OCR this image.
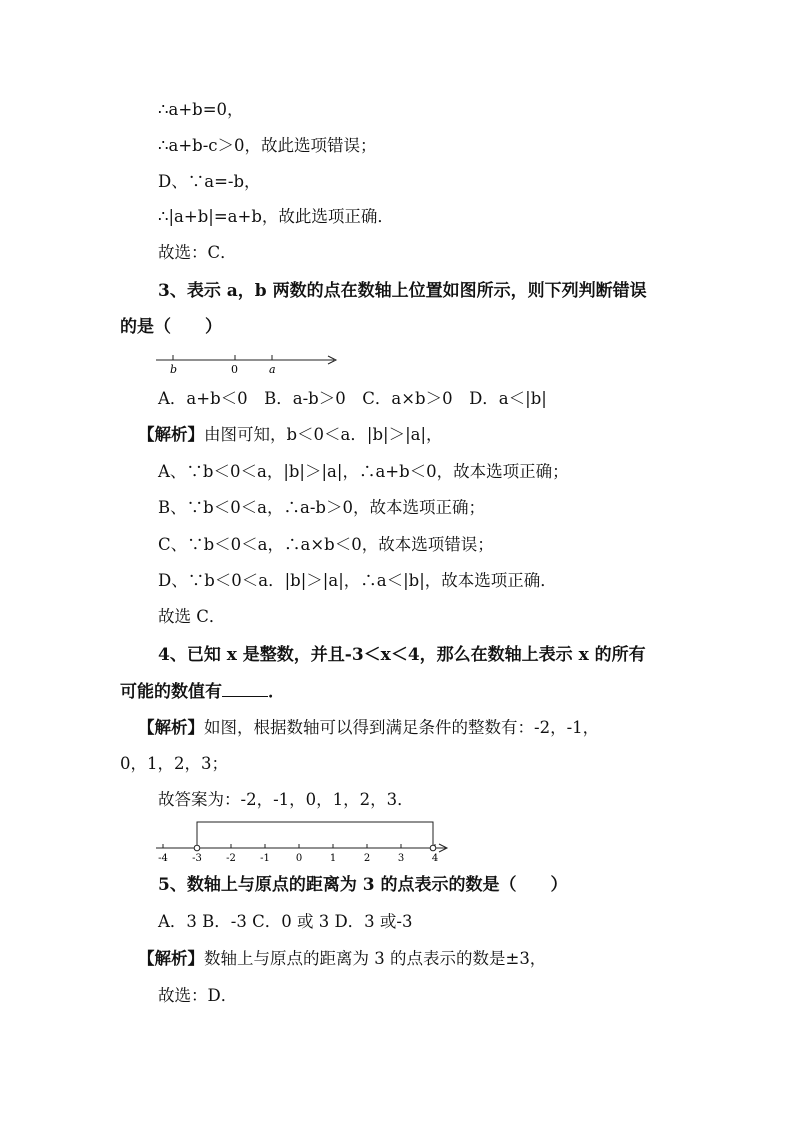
∴a+b=0，
∴a+b-c＞0，故此选项错误；
D、∵a=-b，
∴|a+b|=a+b，故此选项正确．
故选：C．
3、表示 a，b 两数的点在数轴上位置如图所示，则下列判断错误
的是（　　）
b	0	a
A．a+b＜0　B．a-b＞0　C．a×b＞0　D．a＜|b|
【解析】由图可知，b＜0＜a．|b|＞|a|，
A、∵b＜0＜a，|b|＞|a|，∴a+b＜0，故本选项正确；
B、∵b＜0＜a，∴a-b＞0，故本选项正确；
C、∵b＜0＜a，∴a×b＜0，故本选项错误；
D、∵b＜0＜a．|b|＞|a|，∴a＜|b|，故本选项正确．
故选 C．
4、已知 x 是整数，并且-3＜x＜4，那么在数轴上表示 x 的所有
可能的数值有	．
【解析】如图，根据数轴可以得到满足条件的整数有：-2，-1，
0，1，2，3；
故答案为：-2，-1，0，1，2，3．
-4 -3 -2 -1	0	1	2	3	4
5、数轴上与原点的距离为 3 的点表示的数是（　　）
A．3 B．-3 C．0 或 3 D．3 或-3
【解析】数轴上与原点的距离为 3 的点表示的数是±3，
故选：D．
